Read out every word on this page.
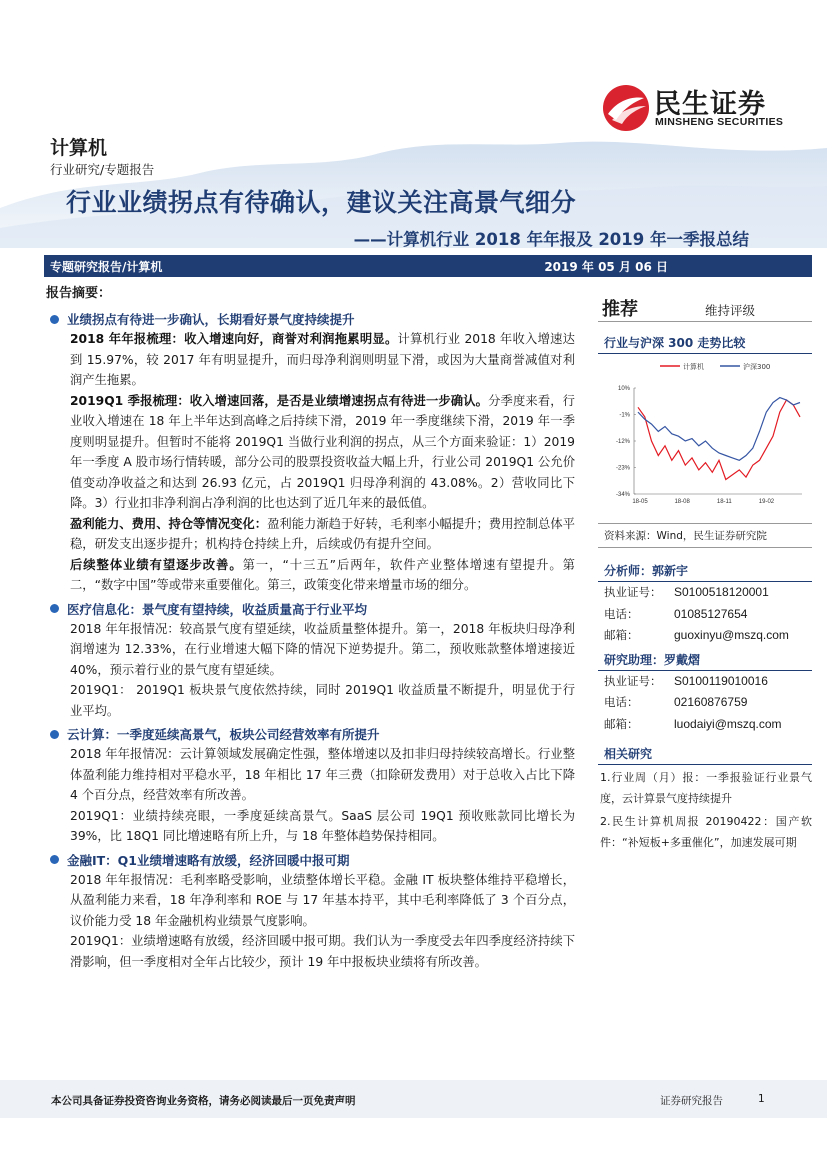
民生证券
MINSHENG SECURITIES
计算机
行业研究/专题报告
行业业绩拐点有待确认，建议关注高景气细分
——计算机行业 2018 年年报及 2019 年一季报总结
专题研究报告/计算机	2019 年 05 月 06 日
报告摘要：
业绩拐点有待进一步确认，长期看好景气度持续提升
2018 年年报梳理：收入增速向好，商誉对利润拖累明显。计算机行业 2018 年收入增速达到 15.97%，较 2017 年有明显提升，而归母净利润则明显下滑，或因为大量商誉减值对利润产生拖累。
2019Q1 季报梳理：收入增速回落，是否是业绩增速拐点有待进一步确认。分季度来看，行业收入增速在 18 年上半年达到高峰之后持续下滑，2019 年一季度继续下滑，2019 年一季度则明显提升。但暂时不能将 2019Q1 当做行业利润的拐点，从三个方面来验证：1）2019 年一季度 A 股市场行情转暖，部分公司的股票投资收益大幅上升，行业公司 2019Q1 公允价值变动净收益之和达到 26.93 亿元，占 2019Q1 归母净利润的 43.08%。2）营收同比下降。3）行业扣非净利润占净利润的比也达到了近几年来的最低值。
盈利能力、费用、持仓等情况变化：盈利能力渐趋于好转，毛利率小幅提升；费用控制总体平稳，研发支出逐步提升；机构持仓持续上升，后续或仍有提升空间。
后续整体业绩有望逐步改善。第一，“十三五”后两年，软件产业整体增速有望提升。第二，“数字中国”等或带来重要催化。第三，政策变化带来增量市场的细分。
医疗信息化：景气度有望持续，收益质量高于行业平均
2018 年年报情况：较高景气度有望延续，收益质量整体提升。第一，2018 年板块归母净利润增速为 12.33%，在行业增速大幅下降的情况下逆势提升。第二，预收账款整体增速接近 40%，预示着行业的景气度有望延续。
2019Q1： 2019Q1 板块景气度依然持续，同时 2019Q1 收益质量不断提升，明显优于行业平均。
云计算：一季度延续高景气，板块公司经营效率有所提升
2018 年年报情况：云计算领域发展确定性强，整体增速以及扣非归母持续较高增长。行业整体盈利能力维持相对平稳水平，18 年相比 17 年三费（扣除研发费用）对于总收入占比下降 4 个百分点，经营效率有所改善。
2019Q1：业绩持续亮眼，一季度延续高景气。SaaS 层公司 19Q1 预收账款同比增长为 39%，比 18Q1 同比增速略有所上升，与 18 年整体趋势保持相同。
金融IT：Q1业绩增速略有放缓，经济回暖中报可期
2018 年年报情况：毛利率略受影响，业绩整体增长平稳。金融 IT 板块整体维持平稳增长，从盈利能力来看，18 年净利率和 ROE 与 17 年基本持平，其中毛利率降低了 3 个百分点，议价能力受 18 年金融机构业绩景气度影响。
2019Q1：业绩增速略有放缓，经济回暖中报可期。我们认为一季度受去年四季度经济持续下滑影响，但一季度相对全年占比较少，预计 19 年中报板块业绩将有所改善。
推荐	维持评级
行业与沪深 300 走势比较
计算机	沪深300
10%
-1%
-12%
-23%
-34%
18-05	18-08	18-11	19-02
资料来源：Wind，民生证券研究院
分析师：郭新宇
执业证号：	S0100518120001
电话：	01085127654
邮箱：	guoxinyu@mszq.com
研究助理：罗戴熠
执业证号：	S0100119010016
电话：	02160876759
邮箱：	luodaiyi@mszq.com
相关研究
1.行业周（月）报：一季报验证行业景气度，云计算景气度持续提升
2.民生计算机周报 20190422：国产软件：“补短板+多重催化”，加速发展可期
本公司具备证券投资咨询业务资格，请务必阅读最后一页免责声明	证券研究报告	1
